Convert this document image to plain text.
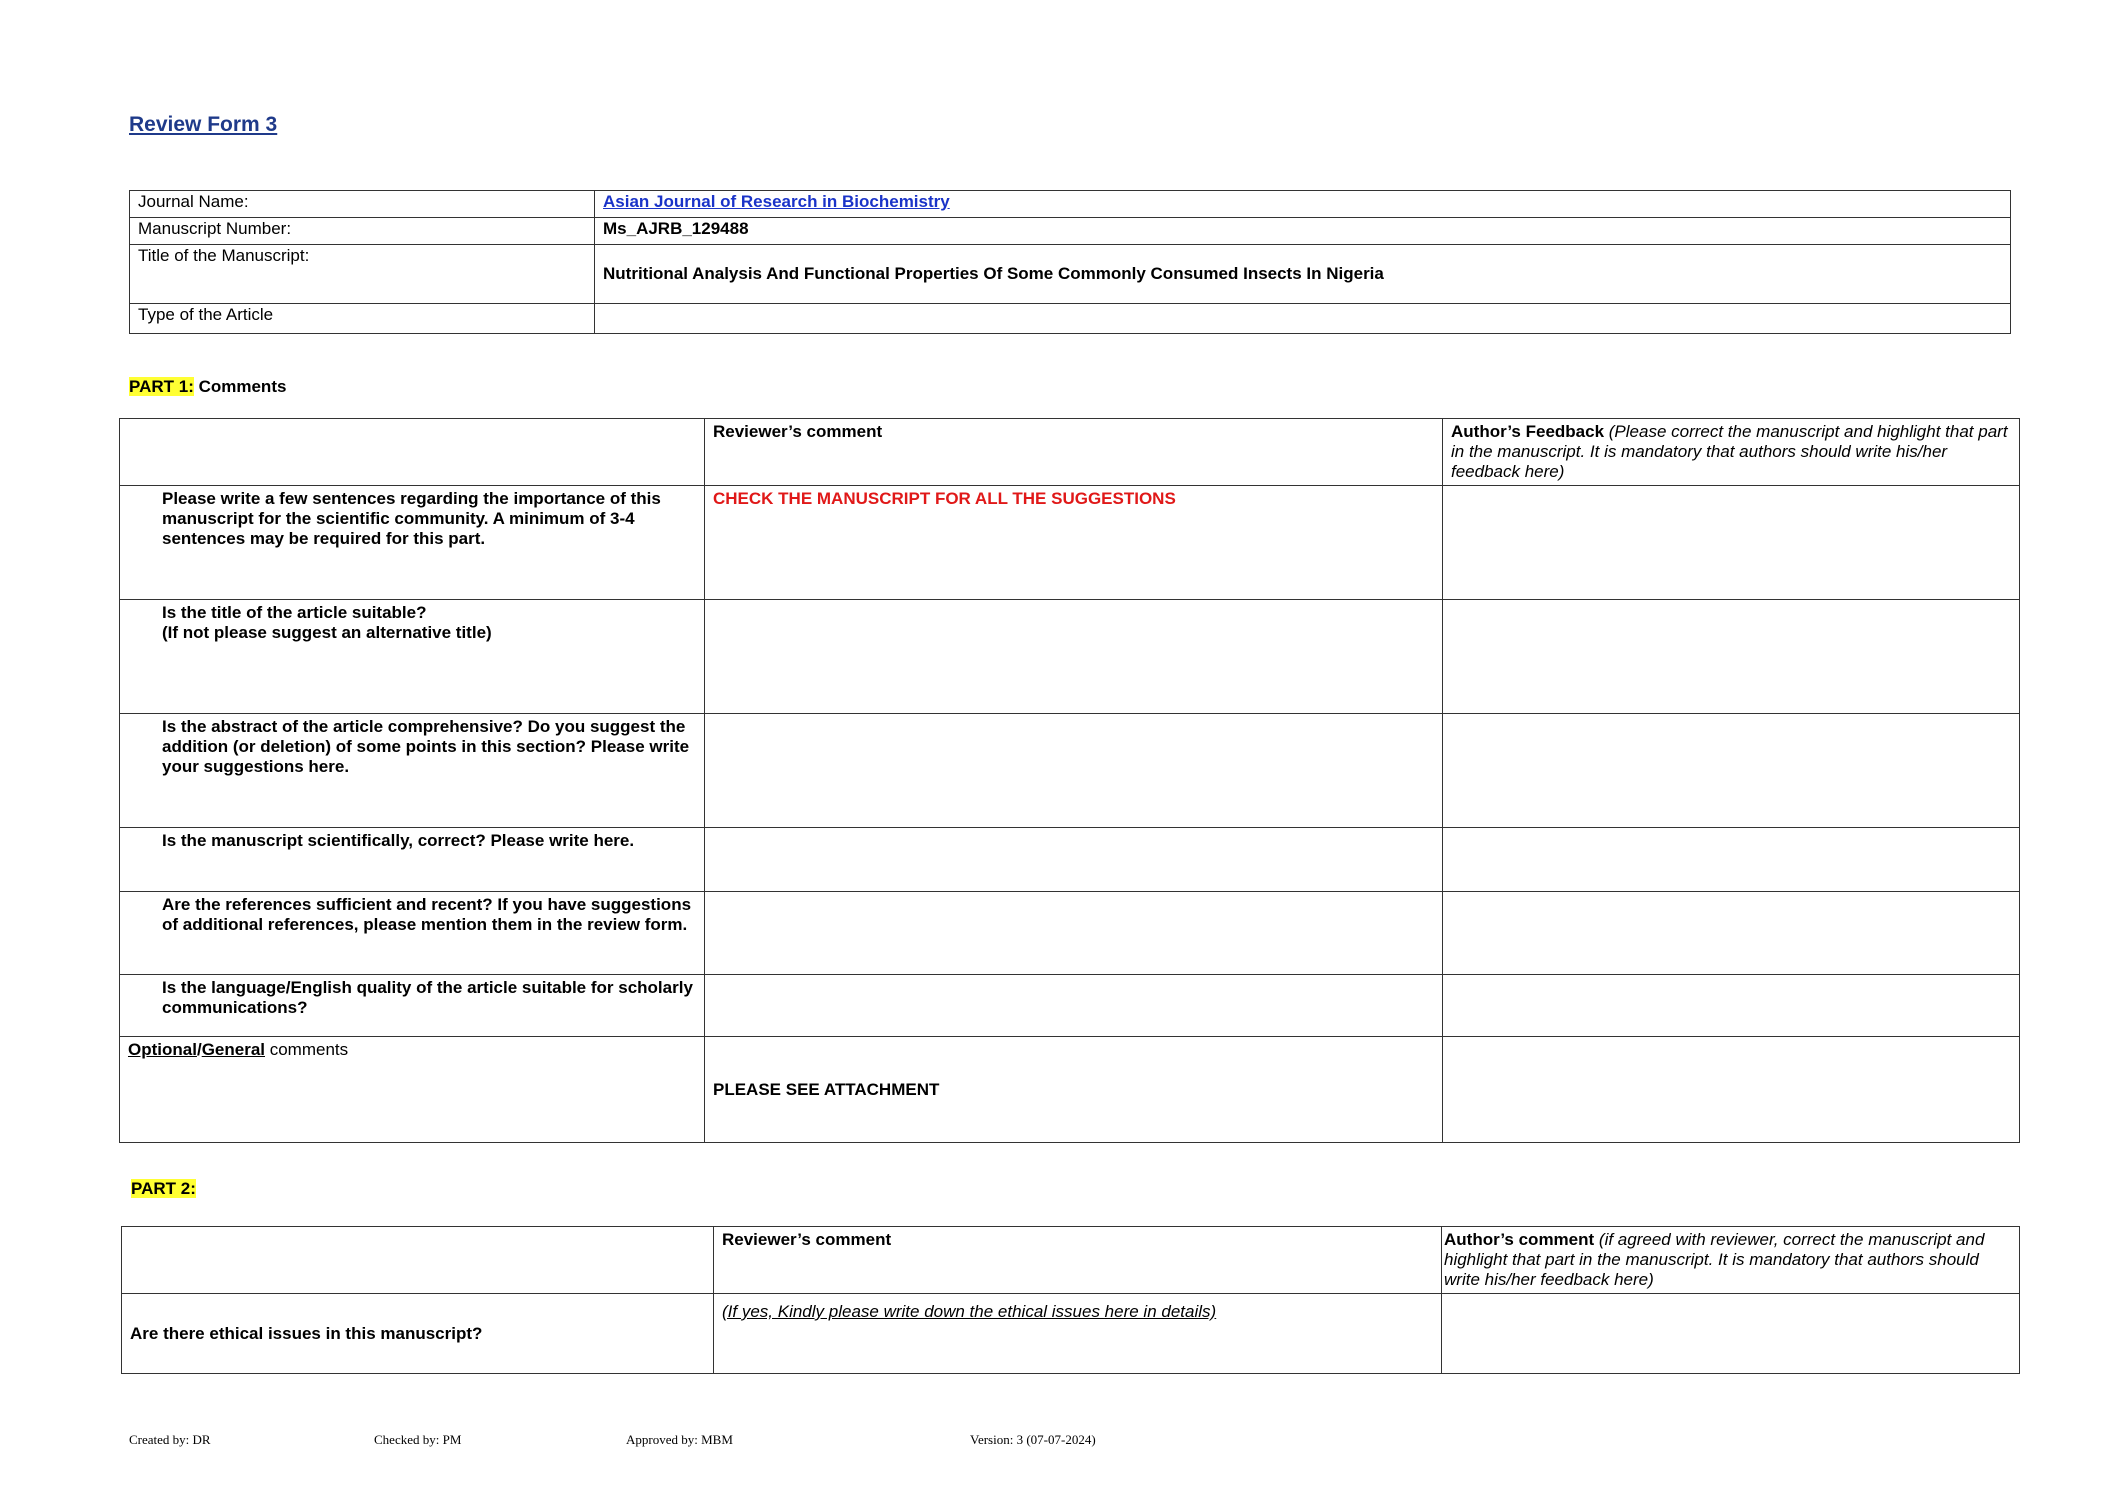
Review Form 3
Journal Name:	Asian Journal of Research in Biochemistry
Manuscript Number:	Ms_AJRB_129488
Title of the Manuscript:	Nutritional Analysis And Functional Properties Of Some Commonly Consumed Insects In Nigeria
Type of the Article	
PART 1: Comments
	Reviewer’s comment	Author’s Feedback (Please correct the manuscript and highlight that part in the manuscript. It is mandatory that authors should write his/her feedback here)
Please write a few sentences regarding the importance of this manuscript for the scientific community. A minimum of 3-4 sentences may be required for this part.	CHECK THE MANUSCRIPT FOR ALL THE SUGGESTIONS	
Is the title of the article suitable?
(If not please suggest an alternative title)		
Is the abstract of the article comprehensive? Do you suggest the addition (or deletion) of some points in this section? Please write your suggestions here.		
Is the manuscript scientifically, correct? Please write here.		
Are the references sufficient and recent? If you have suggestions of additional references, please mention them in the review form.		
Is the language/English quality of the article suitable for scholarly communications?		
Optional/General comments	PLEASE SEE ATTACHMENT	
PART 2:
	Reviewer’s comment	Author’s comment (if agreed with reviewer, correct the manuscript and highlight that part in the manuscript. It is mandatory that authors should write his/her feedback here)
Are there ethical issues in this manuscript?	(If yes, Kindly please write down the ethical issues here in details)	
Created by: DR	Checked by: PM	Approved by: MBM	Version: 3 (07-07-2024)
